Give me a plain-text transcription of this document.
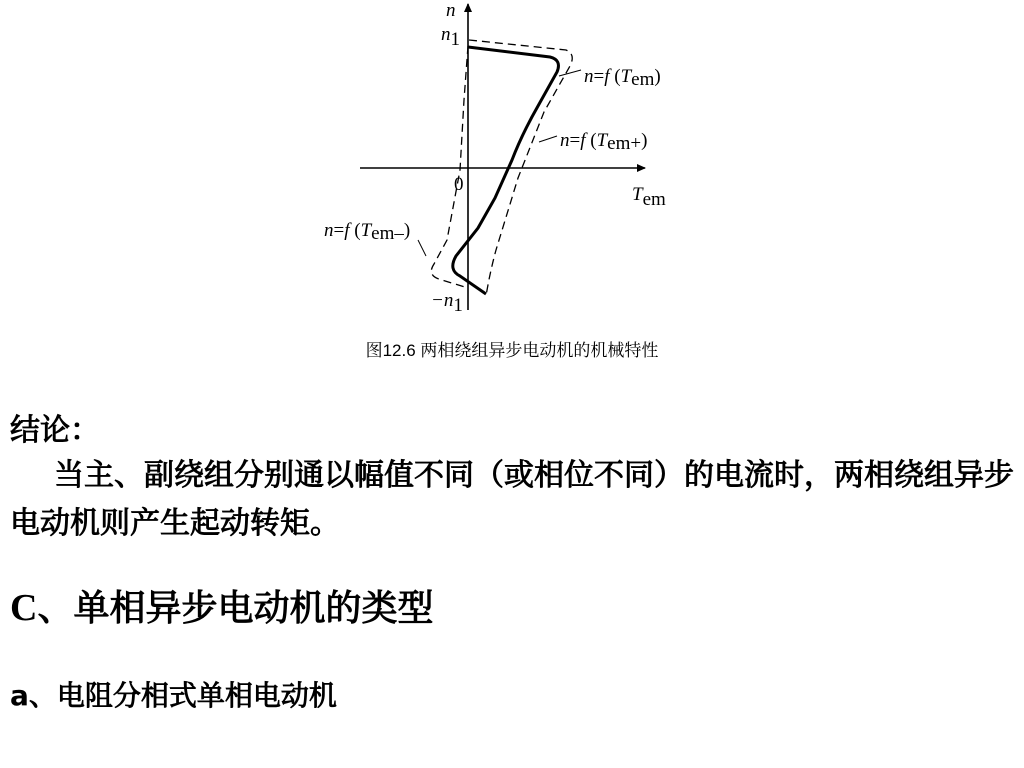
n
n1
0	Tem
−n1
n=f (Tem)
n=f (Tem+)
n=f (Tem–)
图12.6 两相绕组异步电动机的机械特性
结论：
当主、副绕组分别通以幅值不同（或相位不同）的电流时，两相绕组异步电动机则产生起动转矩。
C、单相异步电动机的类型
a、电阻分相式单相电动机
